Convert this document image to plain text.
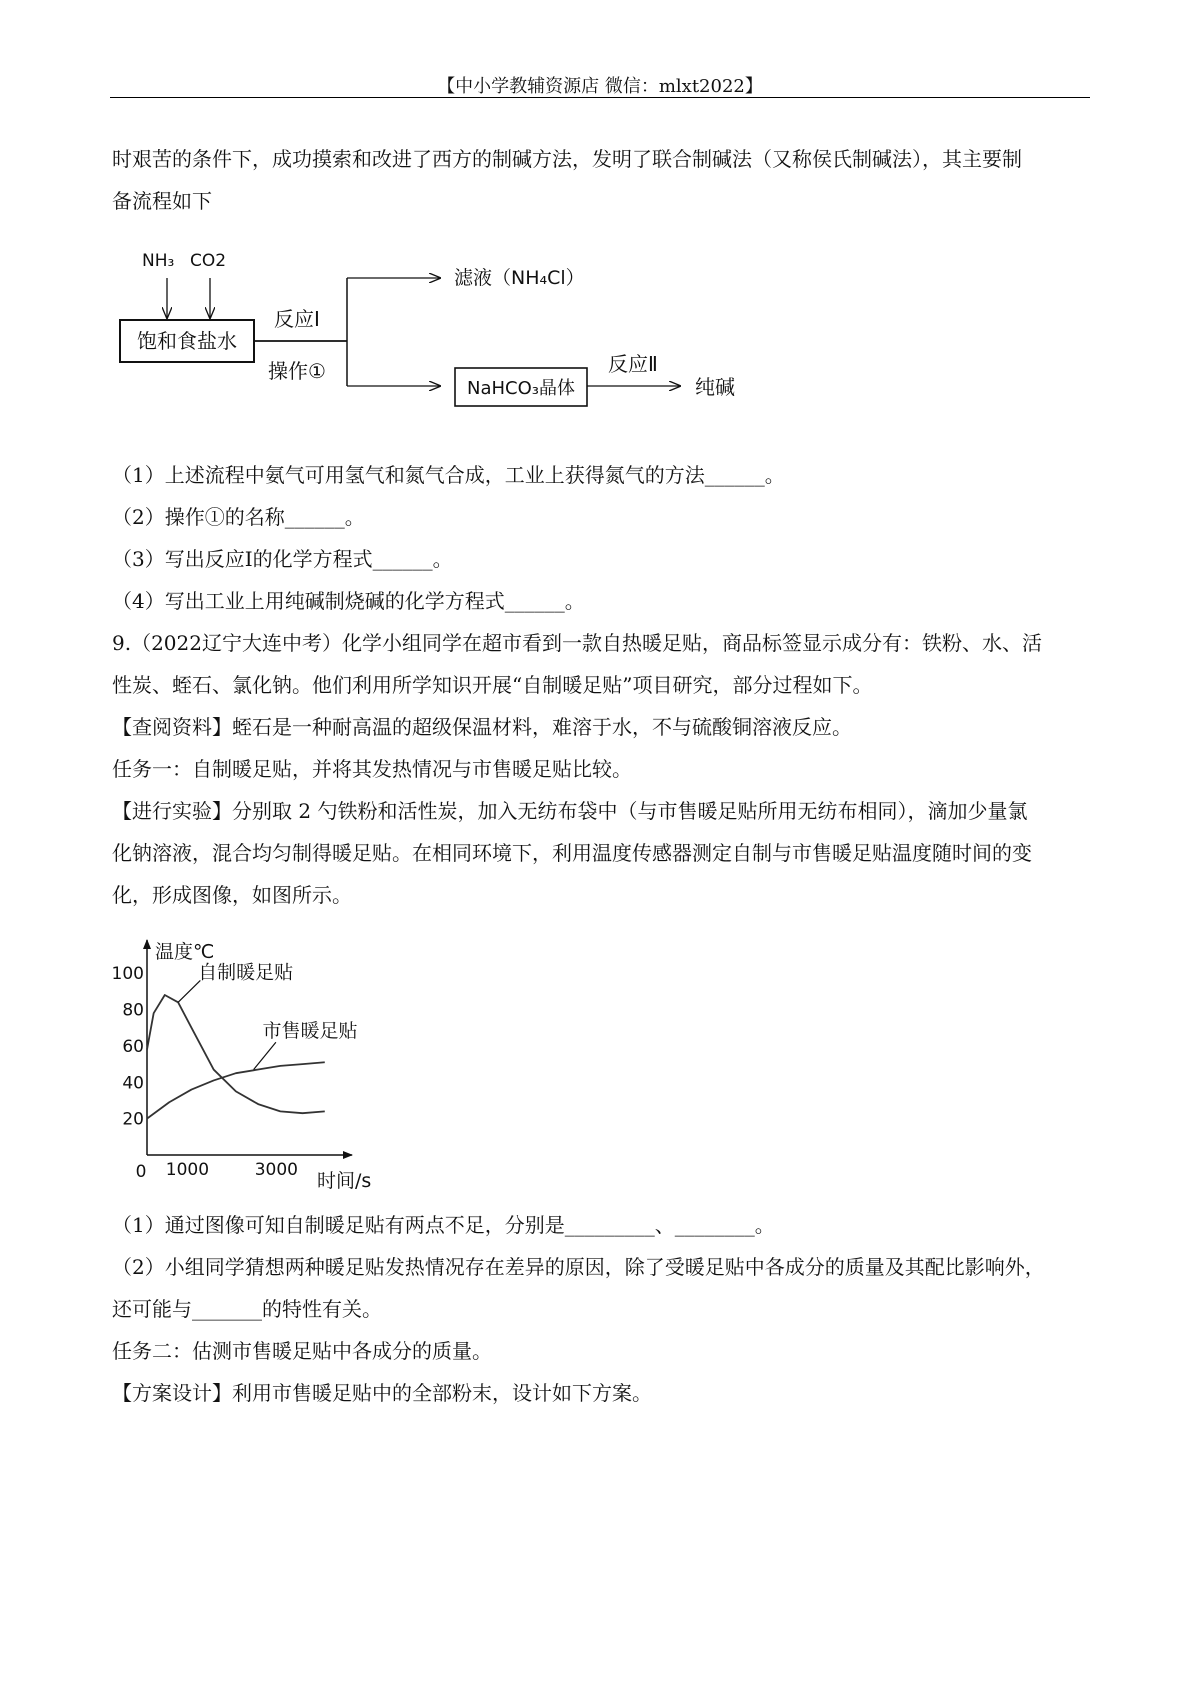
【中小学教辅资源店 微信：mlxt2022】

时艰苦的条件下，成功摸索和改进了西方的制碱方法，发明了联合制碱法（又称侯氏制碱法），其主要制

备流程如下

NH₃ CO2
饱和食盐水
反应Ⅰ
操作①
滤液（NH₄Cl）
NaHCO₃晶体
反应Ⅱ
纯碱

（1）上述流程中氨气可用氢气和氮气合成，工业上获得氮气的方法______。

（2）操作①的名称______。

（3）写出反应Ⅰ的化学方程式______。

（4）写出工业上用纯碱制烧碱的化学方程式______。

9.（2022辽宁大连中考）化学小组同学在超市看到一款自热暖足贴，商品标签显示成分有：铁粉、水、活

性炭、蛭石、氯化钠。他们利用所学知识开展“自制暖足贴”项目研究，部分过程如下。

【查阅资料】蛭石是一种耐高温的超级保温材料，难溶于水，不与硫酸铜溶液反应。

任务一：自制暖足贴，并将其发热情况与市售暖足贴比较。

【进行实验】分别取 2 勺铁粉和活性炭，加入无纺布袋中（与市售暖足贴所用无纺布相同），滴加少量氯

化钠溶液，混合均匀制得暖足贴。在相同环境下，利用温度传感器测定自制与市售暖足贴温度随时间的变

化，形成图像，如图所示。

温度℃
时间/s
0 1000	3000
20
40
60
80
100	自制暖足贴
市售暖足贴

（1）通过图像可知自制暖足贴有两点不足，分别是_________、________。

（2）小组同学猜想两种暖足贴发热情况存在差异的原因，除了受暖足贴中各成分的质量及其配比影响外，

还可能与_______的特性有关。

任务二：估测市售暖足贴中各成分的质量。

【方案设计】利用市售暖足贴中的全部粉末，设计如下方案。
